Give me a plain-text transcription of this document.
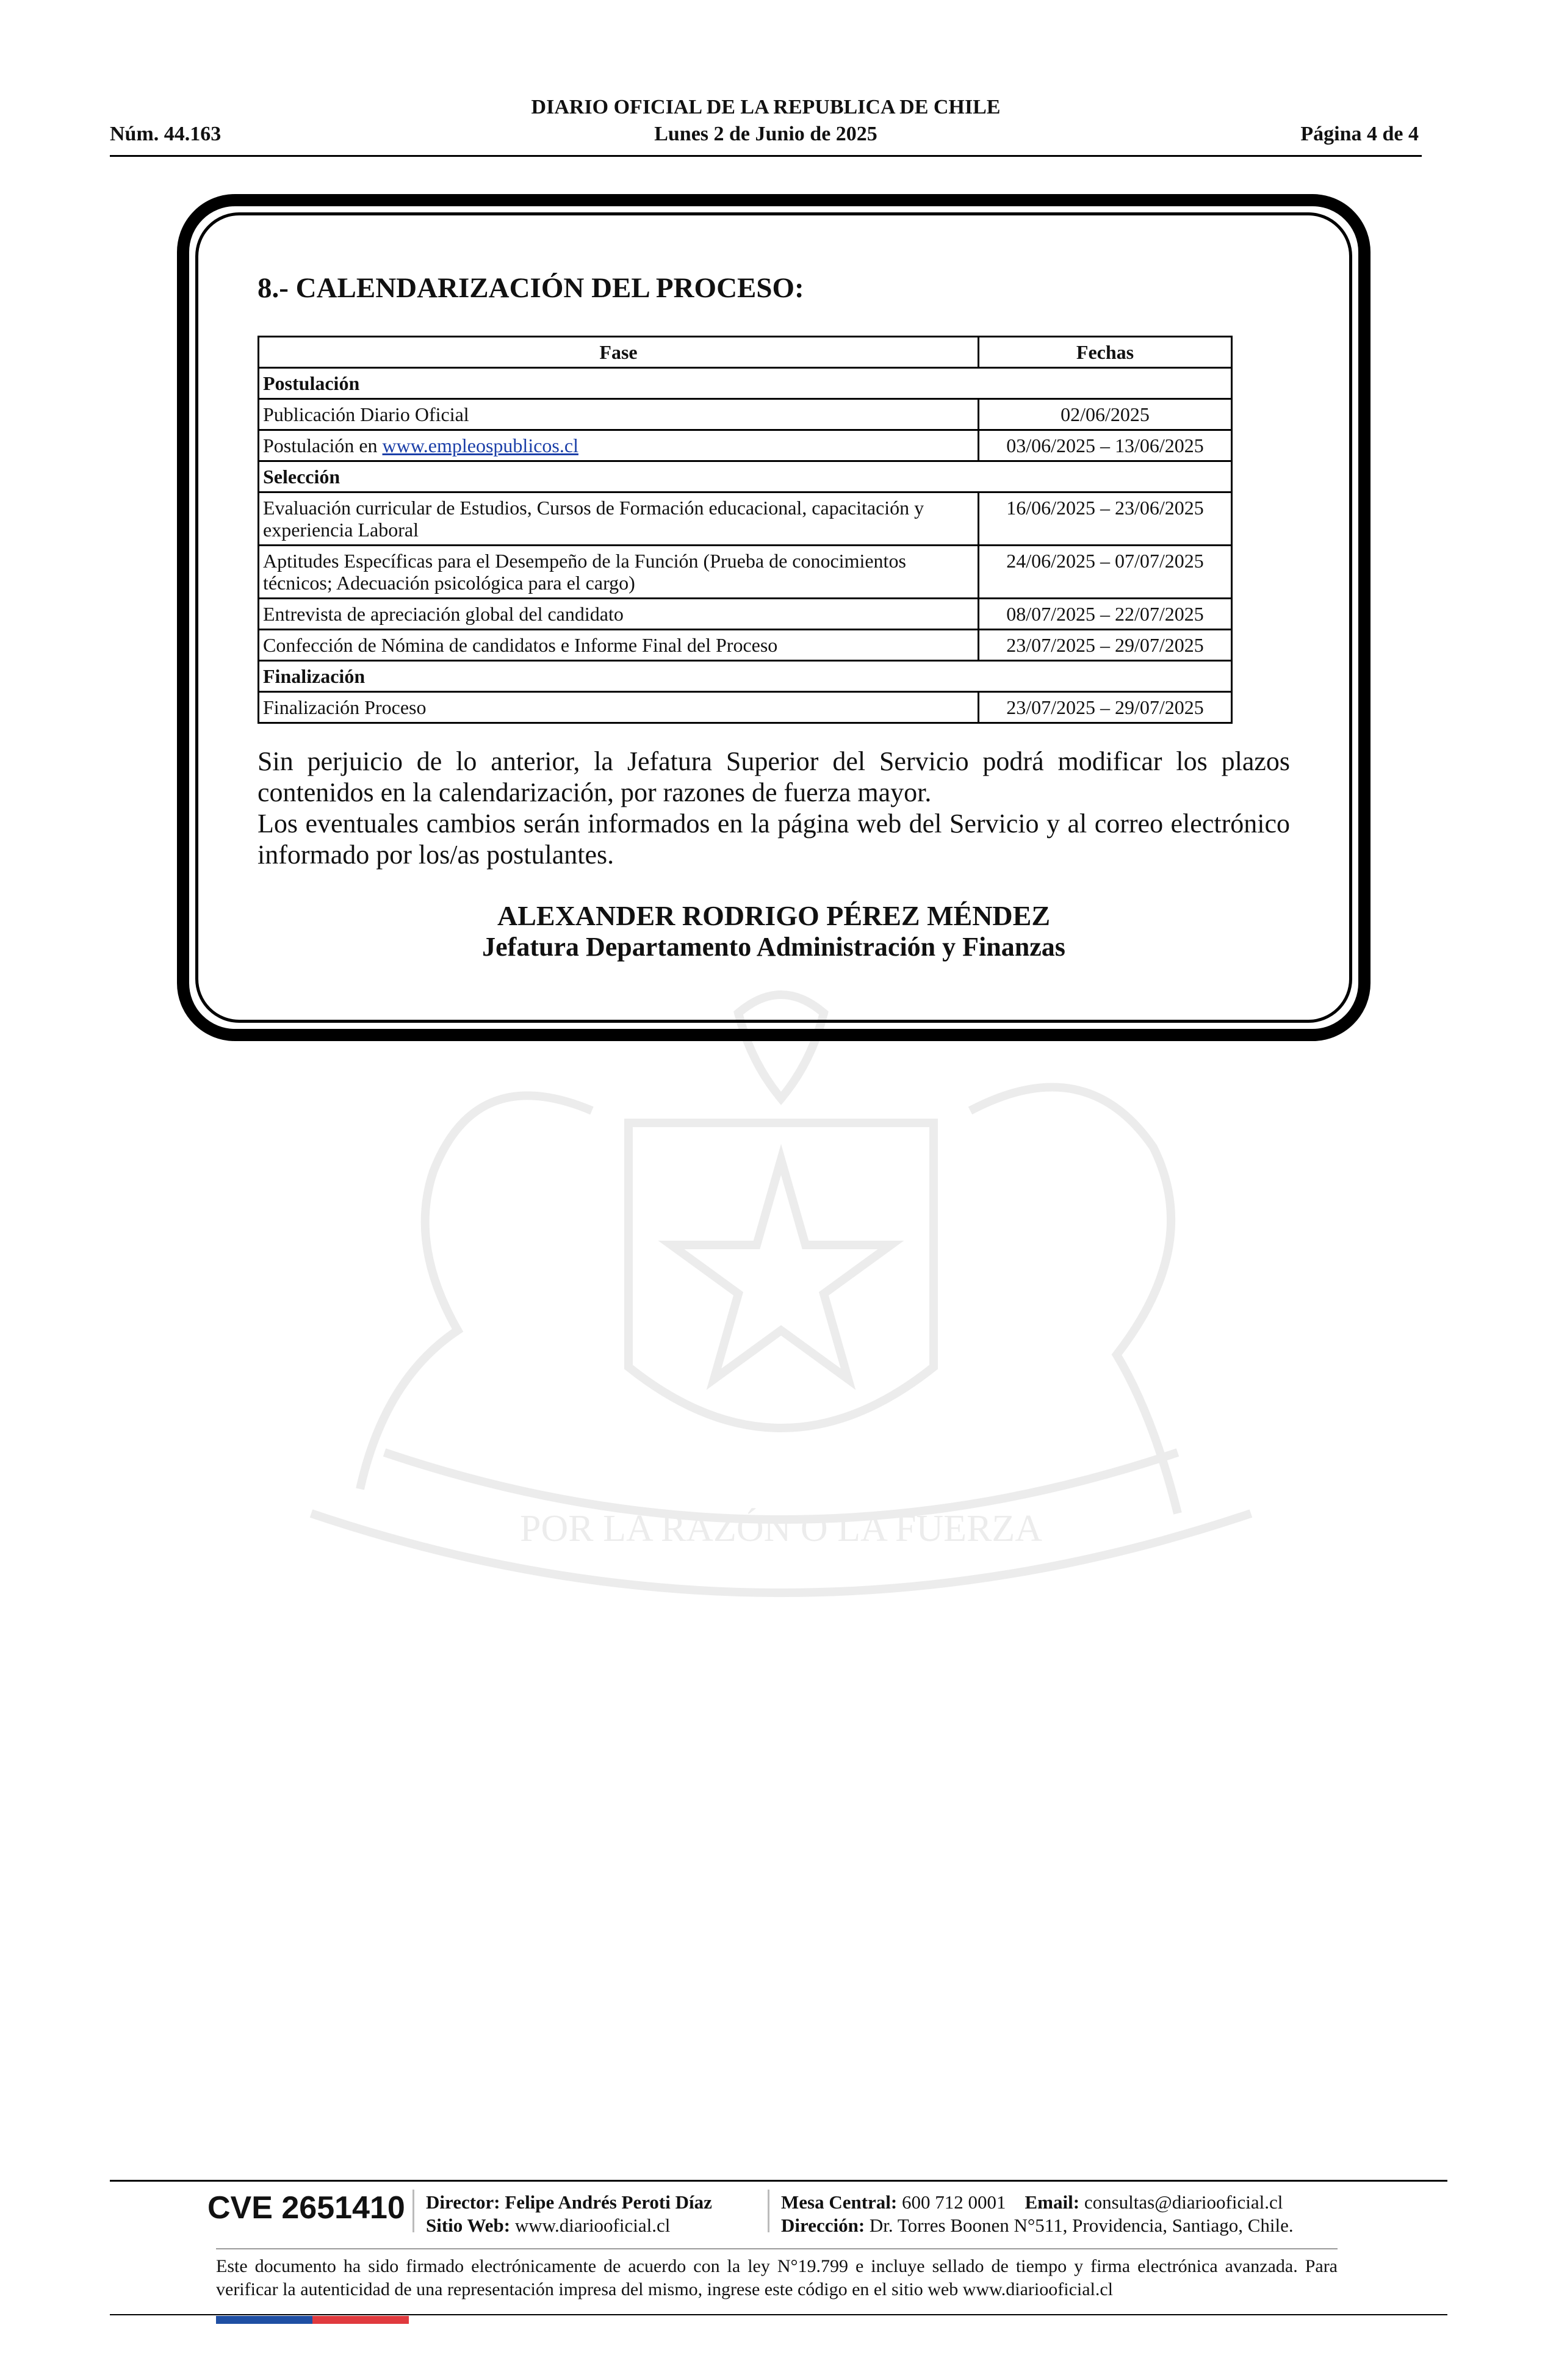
Núm. 44.163
DIARIO OFICIAL DE LA REPUBLICA DE CHILE
Lunes 2 de Junio de 2025	Página 4 de 4
POR LA RAZÓN O LA FUERZA
8.- CALENDARIZACIÓN DEL PROCESO:
Fase	Fechas
Postulación	
Publicación Diario Oficial	02/06/2025
Postulación en www.empleospublicos.cl	03/06/2025 – 13/06/2025
Selección	
Evaluación curricular de Estudios, Cursos de Formación educacional, capacitación y experiencia Laboral	16/06/2025 – 23/06/2025
Aptitudes Específicas para el Desempeño de la Función (Prueba de conocimientos técnicos; Adecuación psicológica para el cargo)	24/06/2025 – 07/07/2025
Entrevista de apreciación global del candidato	08/07/2025 – 22/07/2025
Confección de Nómina de candidatos e Informe Final del Proceso	23/07/2025 – 29/07/2025
Finalización	
Finalización Proceso	23/07/2025 – 29/07/2025

Sin perjuicio de lo anterior, la Jefatura Superior del Servicio podrá modificar los plazos contenidos en la calendarización, por razones de fuerza mayor.

Los eventuales cambios serán informados en la página web del Servicio y al correo electrónico informado por los/as postulantes.

ALEXANDER RODRIGO PÉREZ MÉNDEZ
Jefatura Departamento Administración y Finanzas
CVE 2651410 Director: Felipe Andrés Peroti Díaz
Sitio Web: www.diariooficial.cl
Mesa Central: 600 712 0001 Email: consultas@diariooficial.cl
Dirección: Dr. Torres Boonen N°511, Providencia, Santiago, Chile.
Este documento ha sido firmado electrónicamente de acuerdo con la ley N°19.799 e incluye sellado de tiempo y firma electrónica avanzada. Para verificar la autenticidad de una representación impresa del mismo, ingrese este código en el sitio web www.diariooficial.cl
